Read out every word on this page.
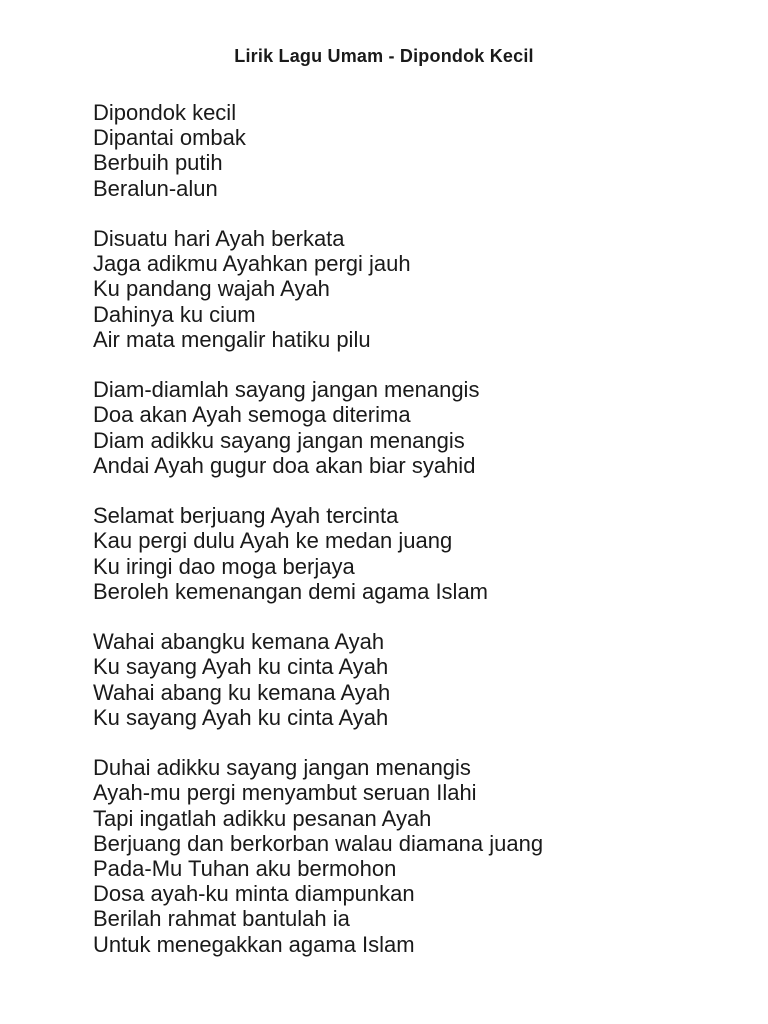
Lirik Lagu Umam - Dipondok Kecil
Dipondok kecil
Dipantai ombak
Berbuih putih
Beralun-alun
Disuatu hari Ayah berkata
Jaga adikmu Ayahkan pergi jauh
Ku pandang wajah Ayah
Dahinya ku cium
Air mata mengalir hatiku pilu
Diam-diamlah sayang jangan menangis
Doa akan Ayah semoga diterima
Diam adikku sayang jangan menangis
Andai Ayah gugur doa akan biar syahid
Selamat berjuang Ayah tercinta
Kau pergi dulu Ayah ke medan juang
Ku iringi dao moga berjaya
Beroleh kemenangan demi agama Islam
Wahai abangku kemana Ayah
Ku sayang Ayah ku cinta Ayah
Wahai abang ku kemana Ayah
Ku sayang Ayah ku cinta Ayah
Duhai adikku sayang jangan menangis
Ayah-mu pergi menyambut seruan Ilahi
Tapi ingatlah adikku pesanan Ayah
Berjuang dan berkorban walau diamana juang
Pada-Mu Tuhan aku bermohon
Dosa ayah-ku minta diampunkan
Berilah rahmat bantulah ia
Untuk menegakkan agama Islam
